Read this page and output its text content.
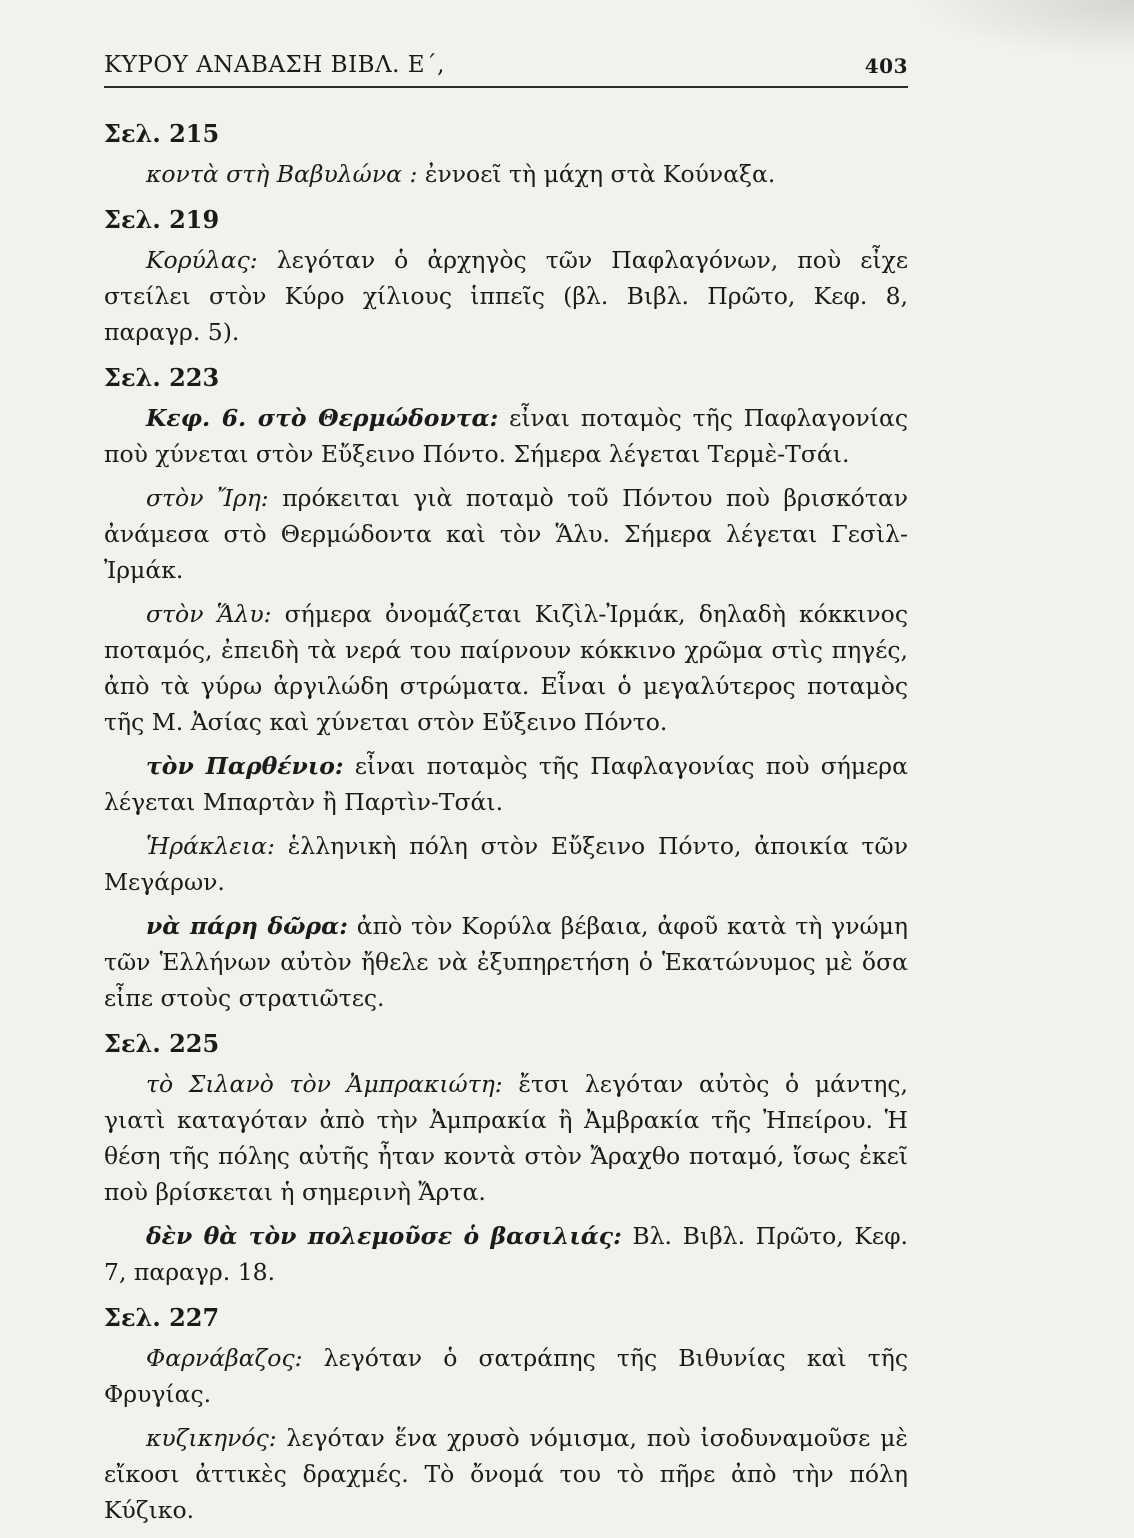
ΚΥΡΟΥ ΑΝΑΒΑΣΗ ΒΙΒΛ. Ε΄,	403

Σελ. 215

κοντὰ στὴ Βαβυλώνα : ἐννοεῖ τὴ μάχη στὰ Κούναξα.

Σελ. 219

Κορύλας: λεγόταν ὁ ἀρχηγὸς τῶν Παφλαγόνων, ποὺ εἶχε στείλει στὸν Κύρο χίλιους ἱππεῖς (βλ. Βιβλ. Πρῶτο, Κεφ. 8, παραγρ. 5).

Σελ. 223

Κεφ. 6. στὸ Θερμώδοντα: εἶναι ποταμὸς τῆς Παφλαγονίας ποὺ χύνεται στὸν Εὔξεινο Πόντο. Σήμερα λέγεται Τερμὲ-Τσάι.

στὸν Ἴρη: πρόκειται γιὰ ποταμὸ τοῦ Πόντου ποὺ βρισκόταν ἀνάμεσα στὸ Θερμώδοντα καὶ τὸν Ἅλυ. Σήμερα λέγεται Γεσὶλ-Ἰρμάκ.

στὸν Ἅλυ: σήμερα ὀνομάζεται Κιζὶλ-Ἰρμάκ, δηλαδὴ κόκκινος ποταμός, ἐπειδὴ τὰ νερά του παίρνουν κόκκινο χρῶμα στὶς πηγές, ἀπὸ τὰ γύρω ἀργιλώδη στρώματα. Εἶναι ὁ μεγαλύτερος ποταμὸς τῆς Μ. Ἀσίας καὶ χύνεται στὸν Εὔξεινο Πόντο.

τὸν Παρθένιο: εἶναι ποταμὸς τῆς Παφλαγονίας ποὺ σήμερα λέγεται Μπαρτὰν ἢ Παρτὶν-Τσάι.

Ἡράκλεια: ἑλληνικὴ πόλη στὸν Εὔξεινο Πόντο, ἀποικία τῶν Μεγάρων.

νὰ πάρη δῶρα: ἀπὸ τὸν Κορύλα βέβαια, ἀφοῦ κατὰ τὴ γνώμη τῶν Ἑλλήνων αὐτὸν ἤθελε νὰ ἐξυπηρετήση ὁ Ἑκατώνυμος μὲ ὅσα εἶπε στοὺς στρατιῶτες.

Σελ. 225

τὸ Σιλανὸ τὸν Ἀμπρακιώτη: ἔτσι λεγόταν αὐτὸς ὁ μάντης, γιατὶ καταγόταν ἀπὸ τὴν Ἀμπρακία ἢ Ἀμβρακία τῆς Ἠπείρου. Ἡ θέση τῆς πόλης αὐτῆς ἦταν κοντὰ στὸν Ἄραχθο ποταμό, ἴσως ἐκεῖ ποὺ βρίσκεται ἡ σημερινὴ Ἄρτα.

δὲν θὰ τὸν πολεμοῦσε ὁ βασιλιάς: Βλ. Βιβλ. Πρῶτο, Κεφ. 7, παραγρ. 18.

Σελ. 227

Φαρνάβαζος: λεγόταν ὁ σατράπης τῆς Βιθυνίας καὶ τῆς Φρυγίας.

κυζικηνός: λεγόταν ἕνα χρυσὸ νόμισμα, ποὺ ἰσοδυναμοῦσε μὲ εἴκοσι ἀττικὲς δραχμές. Τὸ ὄνομά του τὸ πῆρε ἀπὸ τὴν πόλη Κύζικο.
